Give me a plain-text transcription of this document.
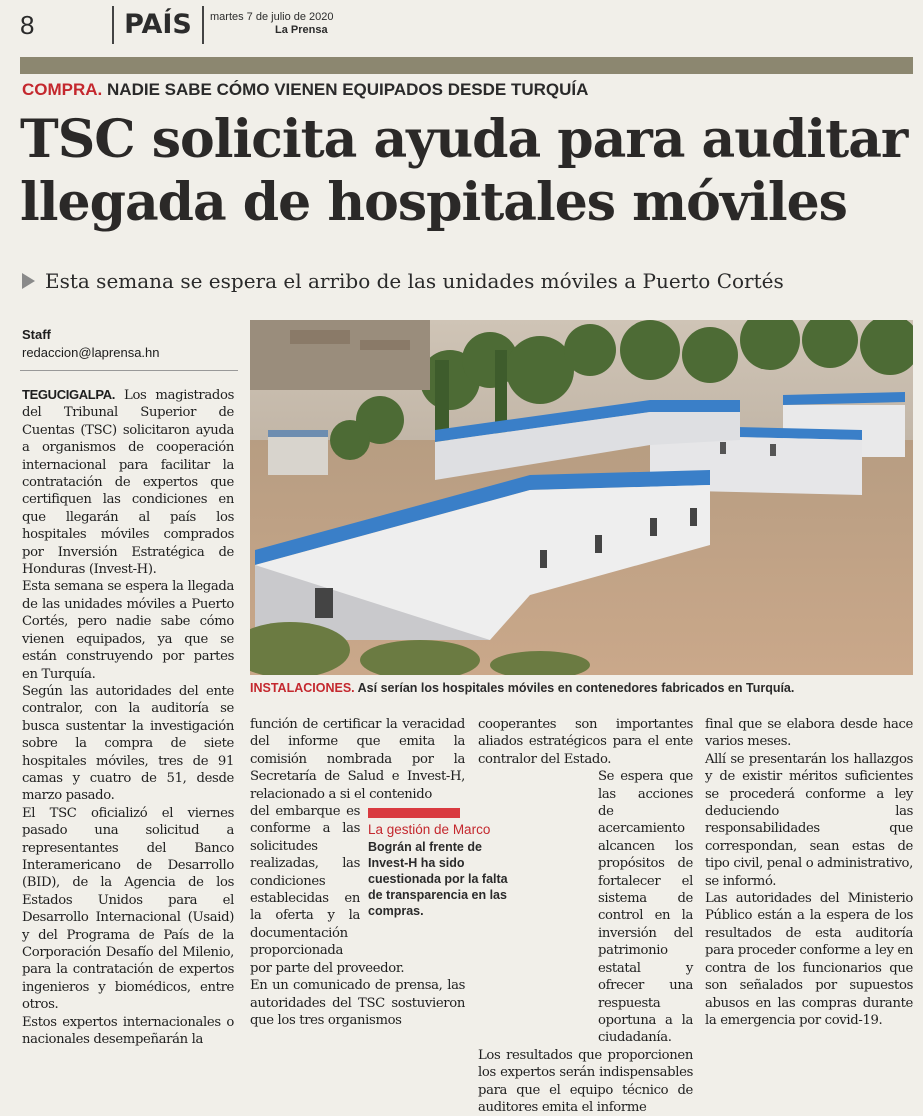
8	PAÍS	martes 7 de julio de 2020
La Prensa
COMPRA. NADIE SABE CÓMO VIENEN EQUIPADOS DESDE TURQUÍA
TSC solicita ayuda para auditar llegada de hospitales móviles
Esta semana se espera el arribo de las unidades móviles a Puerto Cortés
Staff
redaccion@laprensa.hn
INSTALACIONES. Así serían los hospitales móviles en contenedores fabricados en Turquía.

TEGUCIGALPA. Los magistrados del Tribunal Superior de Cuentas (TSC) solicitaron ayuda a organismos de cooperación internacional para facilitar la contratación de expertos que certifiquen las condiciones en que llegarán al país los hospitales móviles comprados por Inversión Estratégica de Honduras (Invest-H).

Esta semana se espera la llegada de las unidades móviles a Puerto Cortés, pero nadie sabe cómo vienen equipados, ya que se están construyendo por partes en Turquía.

Según las autoridades del ente contralor, con la auditoría se busca sustentar la investigación sobre la compra de siete hospitales móviles, tres de 91 camas y cuatro de 51, desde marzo pasado.

El TSC oficializó el viernes pasado una solicitud a representantes del Banco Interamericano de Desarrollo (BID), de la Agencia de los Estados Unidos para el Desarrollo Internacional (Usaid) y del Programa de País de la Corporación Desafío del Milenio, para la contratación de expertos ingenieros y biomédicos, entre otros.

Estos expertos internacionales o nacionales desempeñarán la

función de certificar la veracidad del informe que emita la comisión nombrada por la Secretaría de Salud e Invest-H, relacionado a si el contenido

del embarque es conforme a las solicitudes realizadas, las condiciones establecidas en la oferta y la documentación proporcionada

por parte del proveedor.

En un comunicado de prensa, las autoridades del TSC sostuvieron que los tres organismos

La gestión de Marco
Bográn al frente de Invest-H ha sido cuestionada por la falta de transparencia en las compras.

cooperantes son importantes aliados estratégicos para el ente contralor del Estado.

Se espera que las acciones de acercamiento alcancen los propósitos de fortalecer el sistema de control en la inversión del patrimonio estatal y ofrecer una respuesta oportuna a la ciudadanía.

Los resultados que proporcionen los expertos serán indispensables para que el equipo técnico de auditores emita el informe

final que se elabora desde hace varios meses.

Allí se presentarán los hallazgos y de existir méritos suficientes se procederá conforme a ley deduciendo las responsabilidades que correspondan, sean estas de tipo civil, penal o administrativo, se informó.

Las autoridades del Ministerio Público están a la espera de los resultados de esta auditoría para proceder conforme a ley en contra de los funcionarios que son señalados por supuestos abusos en las compras durante la emergencia por covid-19.
